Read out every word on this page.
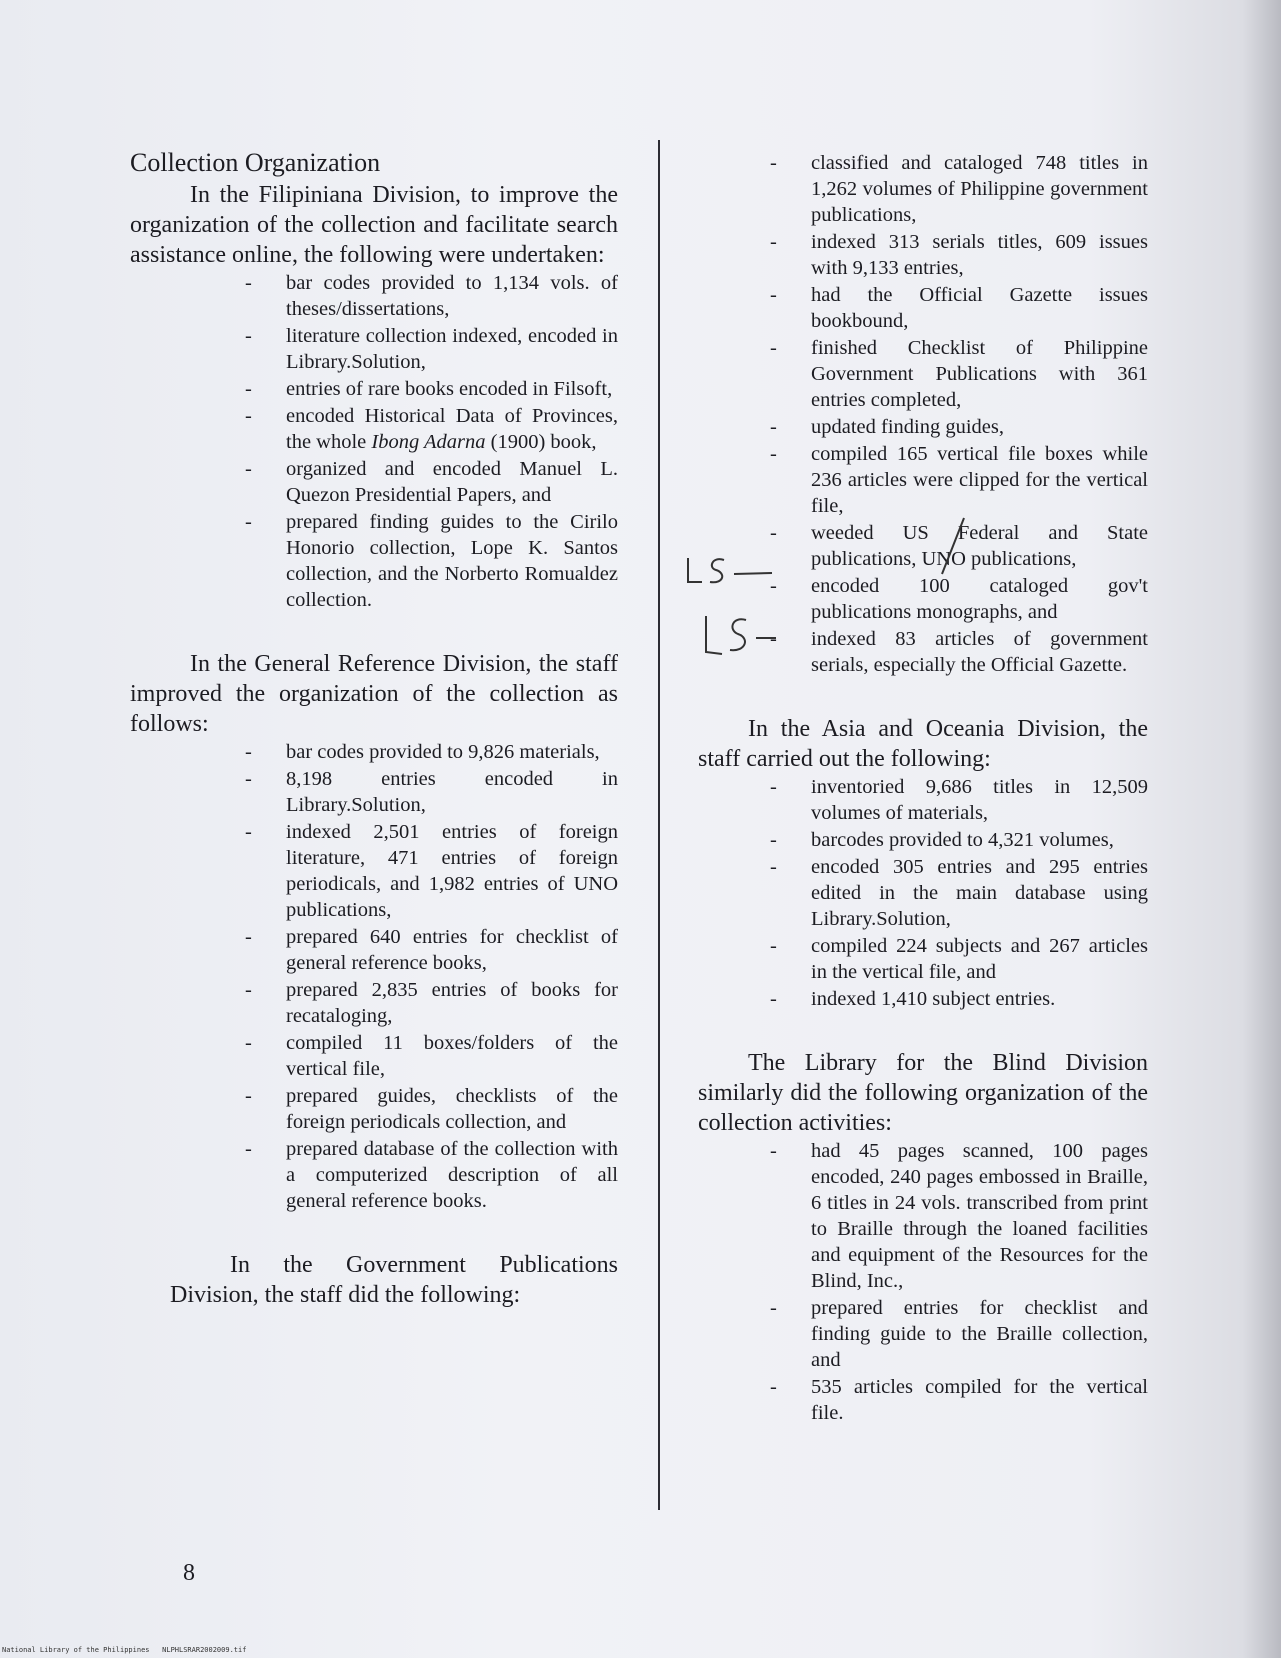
Collection Organization

In the Filipiniana Division, to improve the organization of the collection and facilitate search assistance online, the following were undertaken:

- bar codes provided to 1,134 vols. of theses/dissertations,
- literature collection indexed, encoded in Library.Solution,
- entries of rare books encoded in Filsoft,
- encoded Historical Data of Provinces, the whole Ibong Adarna (1900) book,
- organized and encoded Manuel L. Quezon Presidential Papers, and
- prepared finding guides to the Cirilo Honorio collection, Lope K. Santos collection, and the Norberto Romualdez collection.

In the General Reference Division, the staff improved the organization of the collection as follows:

- bar codes provided to 9,826 materials,
- 8,198 entries encoded in Library.Solution,
- indexed 2,501 entries of foreign literature, 471 entries of foreign periodicals, and 1,982 entries of UNO publications,
- prepared 640 entries for checklist of general reference books,
- prepared 2,835 entries of books for recataloging,
- compiled 11 boxes/folders of the vertical file,
- prepared guides, checklists of the foreign periodicals collection, and
- prepared database of the collection with a computerized description of all general reference books.

In the Government Publications Division, the staff did the following:

- classified and cataloged 748 titles in 1,262 volumes of Philippine government publications,
- indexed 313 serials titles, 609 issues with 9,133 entries,
- had the Official Gazette issues bookbound,
- finished Checklist of Philippine Government Publications with 361 entries completed,
- updated finding guides,
- compiled 165 vertical file boxes while 236 articles were clipped for the vertical file,
- weeded US Federal and State publications, UNO publications,
- encoded 100 cataloged gov't publications monographs, and
- indexed 83 articles of government serials, especially the Official Gazette.

In the Asia and Oceania Division, the staff carried out the following:

- inventoried 9,686 titles in 12,509 volumes of materials,
- barcodes provided to 4,321 volumes,
- encoded 305 entries and 295 entries edited in the main database using Library.Solution,
- compiled 224 subjects and 267 articles in the vertical file, and
- indexed 1,410 subject entries.

The Library for the Blind Division similarly did the following organization of the collection activities:

- had 45 pages scanned, 100 pages encoded, 240 pages embossed in Braille, 6 titles in 24 vols. transcribed from print to Braille through the loaned facilities and equipment of the Resources for the Blind, Inc.,
- prepared entries for checklist and finding guide to the Braille collection, and
- 535 articles compiled for the vertical file.
8
National Library of the Philippines   NLPHLSRAR2002009.tif
